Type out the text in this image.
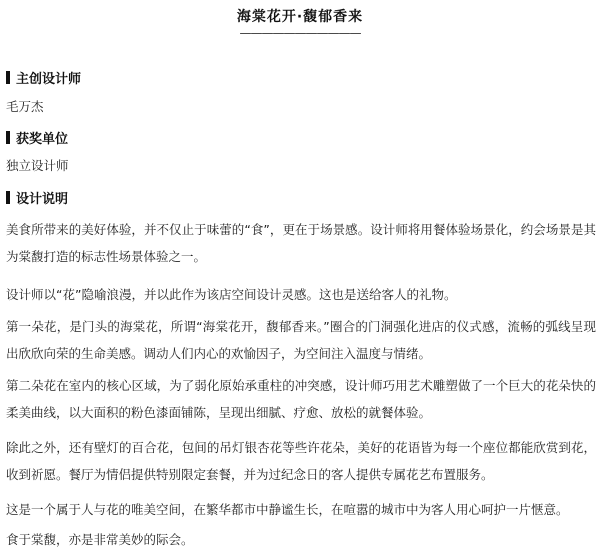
海棠花开·馥郁香来
———————————
主创设计师
毛万杰
获奖单位
独立设计师
设计说明

美食所带来的美好体验，并不仅止于味蕾的“食”，更在于场景感。设计师将用餐体验场景化，约会场景是其为棠馥打造的标志性场景体验之一。

设计师以“花”隐喻浪漫，并以此作为该店空间设计灵感。这也是送给客人的礼物。

第一朵花，是门头的海棠花，所谓“海棠花开，馥郁香来。”圈合的门洞强化进店的仪式感，流畅的弧线呈现出欣欣向荣的生命美感。调动人们内心的欢愉因子，为空间注入温度与情绪。

第二朵花在室内的核心区域，为了弱化原始承重柱的冲突感，设计师巧用艺术雕塑做了一个巨大的花朵快的柔美曲线，以大面积的粉色漆面铺陈，呈现出细腻、疗愈、放松的就餐体验。

除此之外，还有壁灯的百合花，包间的吊灯银杏花等些许花朵，美好的花语皆为每一个座位都能欣赏到花，收到祈愿。餐厅为情侣提供特别限定套餐，并为过纪念日的客人提供专属花艺布置服务。

这是一个属于人与花的唯美空间，在繁华都市中静谧生长，在喧嚣的城市中为客人用心呵护一片惬意。

食于棠馥，亦是非常美妙的际会。
